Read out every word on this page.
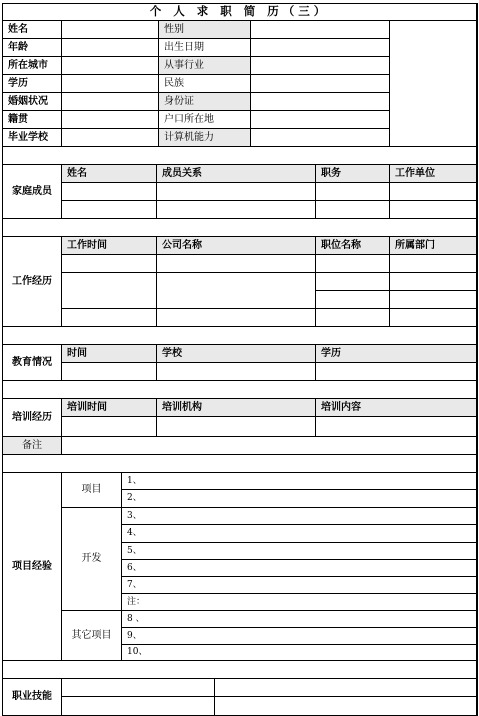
个 人 求 职 简 历（三）
姓名	性别
年龄	出生日期
所在城市	从事行业
学历	民族
婚姻状况	身份证
籍贯	户口所在地
毕业学校	计算机能力
家庭成员
姓名	成员关系	职务	工作单位
工作经历
工作时间	公司名称	职位名称	所属部门
教育情况
时间	学校	学历
培训经历
培训时间	培训机构	培训内容
备注
项目经验
项目
1、
2、
开发
3、
4、
5、
6、
7、
注：
其它项目
8 、
9、
10、
职业技能
